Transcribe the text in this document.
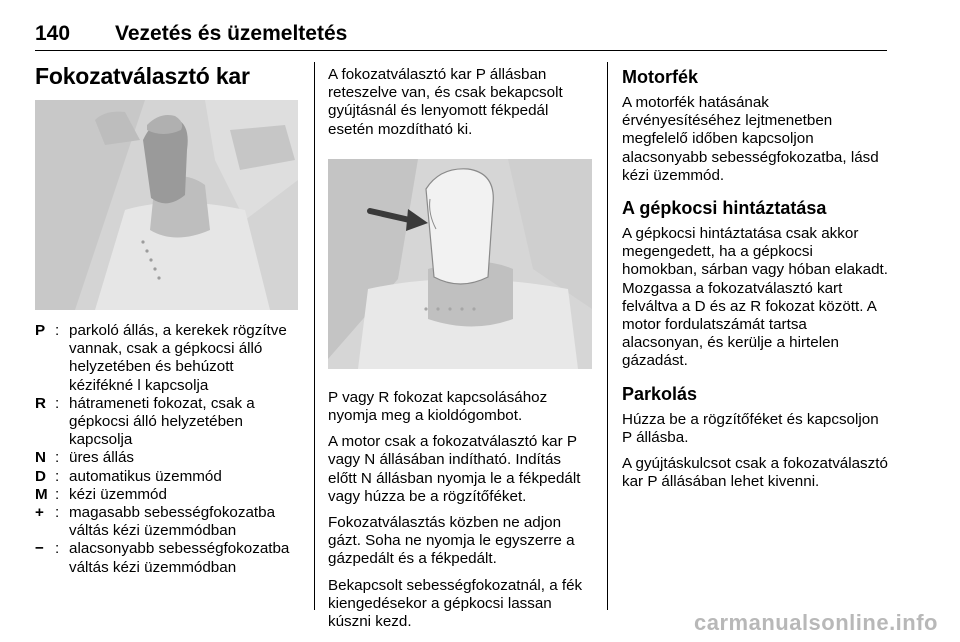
140 Vezetés és üzemeltetés
Fokozatválasztó kar
P : parkoló állás, a kerekek rögzítve vannak, csak a gépkocsi álló helyzetében és behúzott kézifékné l kapcsolja
R : hátrameneti fokozat, csak a gépkocsi álló helyzetében kapcsolja
N : üres állás
D : automatikus üzemmód
M : kézi üzemmód
+ : magasabb sebességfokozatba váltás kézi üzemmódban
− : alacsonyabb sebességfokozatba váltás kézi üzemmódban

A fokozatválasztó kar P állásban reteszelve van, és csak bekapcsolt gyújtásnál és lenyomott fékpedál esetén mozdítható ki.

P vagy R fokozat kapcsolásához nyomja meg a kioldógombot.

A motor csak a fokozatválasztó kar P vagy N állásában indítható. Indítás előtt N állásban nyomja le a fékpedált vagy húzza be a rögzítőféket.

Fokozatválasztás közben ne adjon gázt. Soha ne nyomja le egyszerre a gázpedált és a fékpedált.

Bekapcsolt sebességfokozatnál, a fék kiengedésekor a gépkocsi lassan kúszni kezd.

Motorfék

A motorfék hatásának érvényesítéséhez lejtmenetben megfelelő időben kapcsoljon alacsonyabb sebességfokozatba, lásd kézi üzemmód.

A gépkocsi hintáztatása

A gépkocsi hintáztatása csak akkor megengedett, ha a gépkocsi homokban, sárban vagy hóban elakadt. Mozgassa a fokozatválasztó kart felváltva a D és az R fokozat között. A motor fordulatszámát tartsa alacsonyan, és kerülje a hirtelen gázadást.

Parkolás

Húzza be a rögzítőféket és kapcsoljon P állásba.

A gyújtáskulcsot csak a fokozatválasztó kar P állásában lehet kivenni.

carmanualsonline.info
